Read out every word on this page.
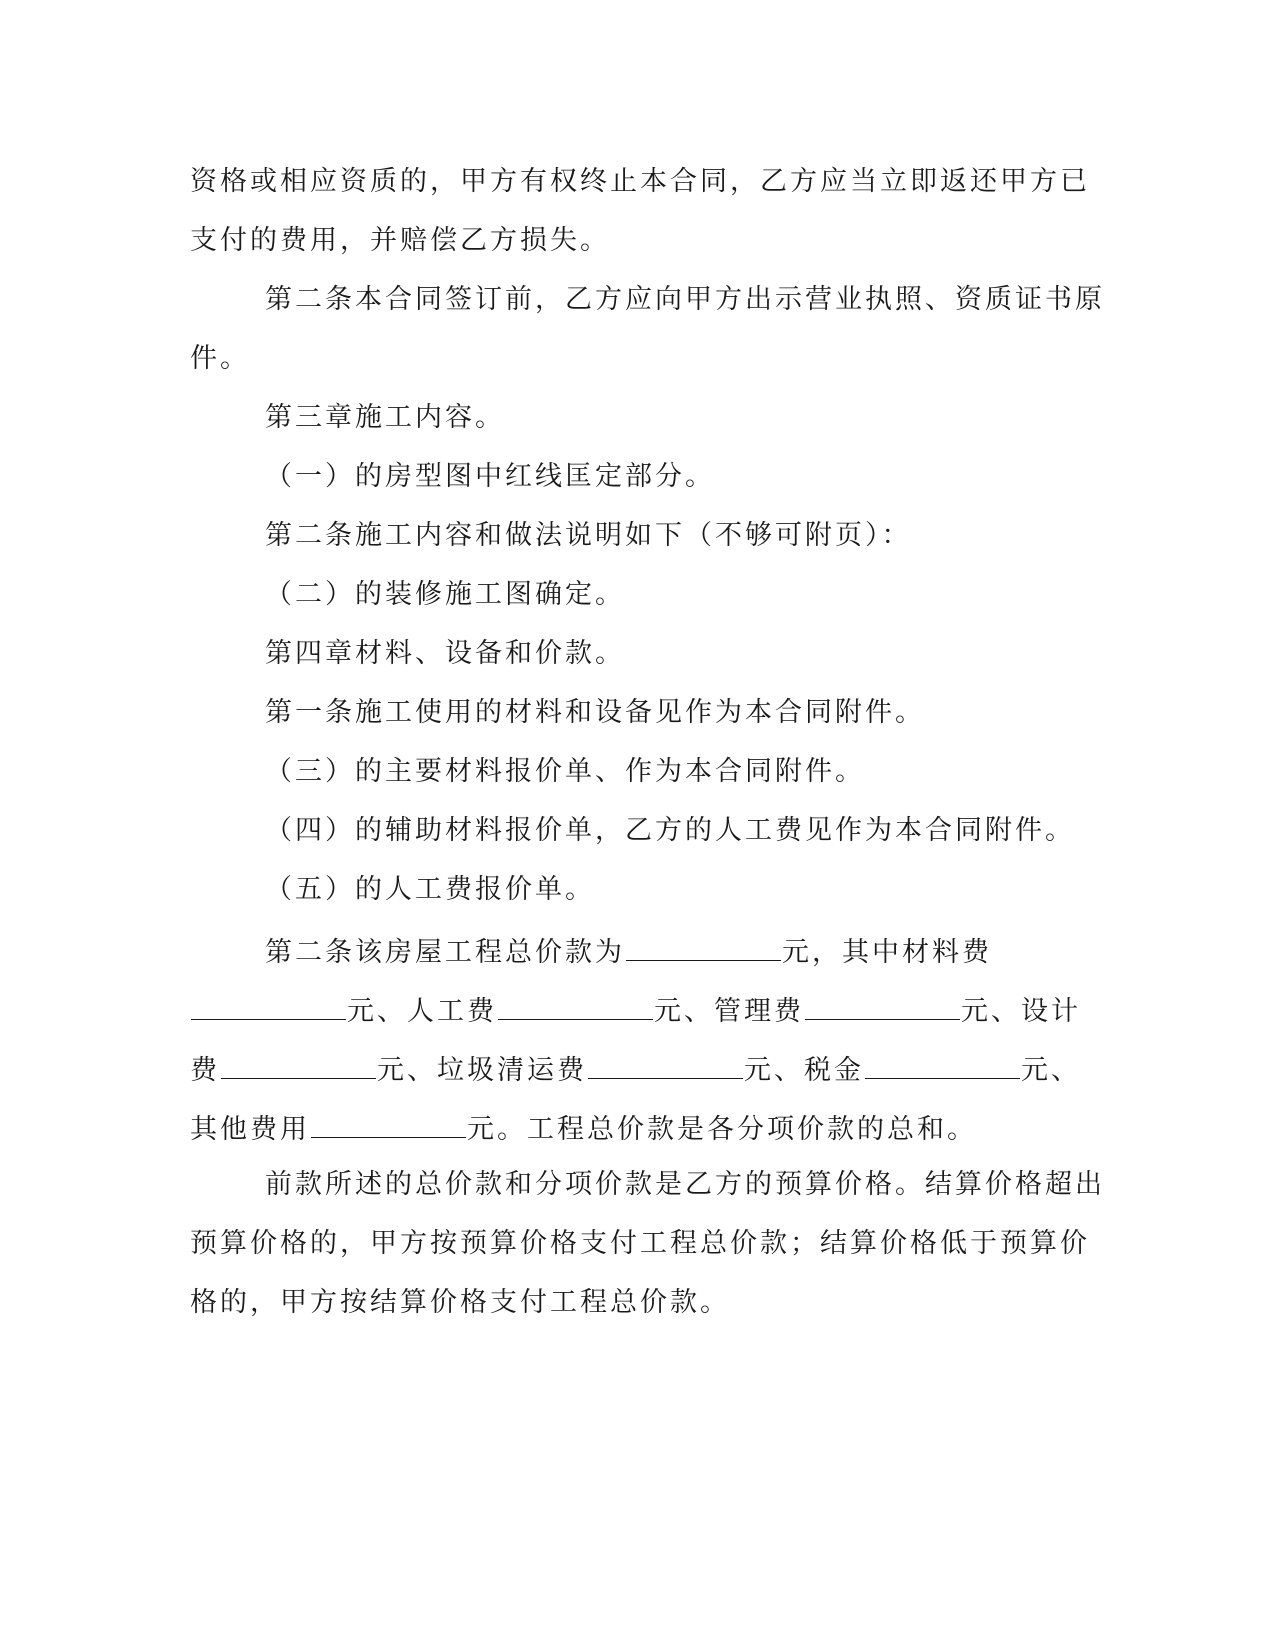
资格或相应资质的，甲方有权终止本合同，乙方应当立即返还甲方已
支付的费用，并赔偿乙方损失。
第二条本合同签订前，乙方应向甲方出示营业执照、资质证书原
件。
第三章施工内容。
（一）的房型图中红线匡定部分。
第二条施工内容和做法说明如下（不够可附页）：
（二）的装修施工图确定。
第四章材料、设备和价款。
第一条施工使用的材料和设备见作为本合同附件。
（三）的主要材料报价单、作为本合同附件。
（四）的辅助材料报价单，乙方的人工费见作为本合同附件。
（五）的人工费报价单。
第二条该房屋工程总价款为	元，其中材料费
元、人工费	元、管理费	元、设计
费	元、垃圾清运费	元、税金	元、
其他费用	元。工程总价款是各分项价款的总和。
前款所述的总价款和分项价款是乙方的预算价格。结算价格超出
预算价格的，甲方按预算价格支付工程总价款；结算价格低于预算价
格的，甲方按结算价格支付工程总价款。
